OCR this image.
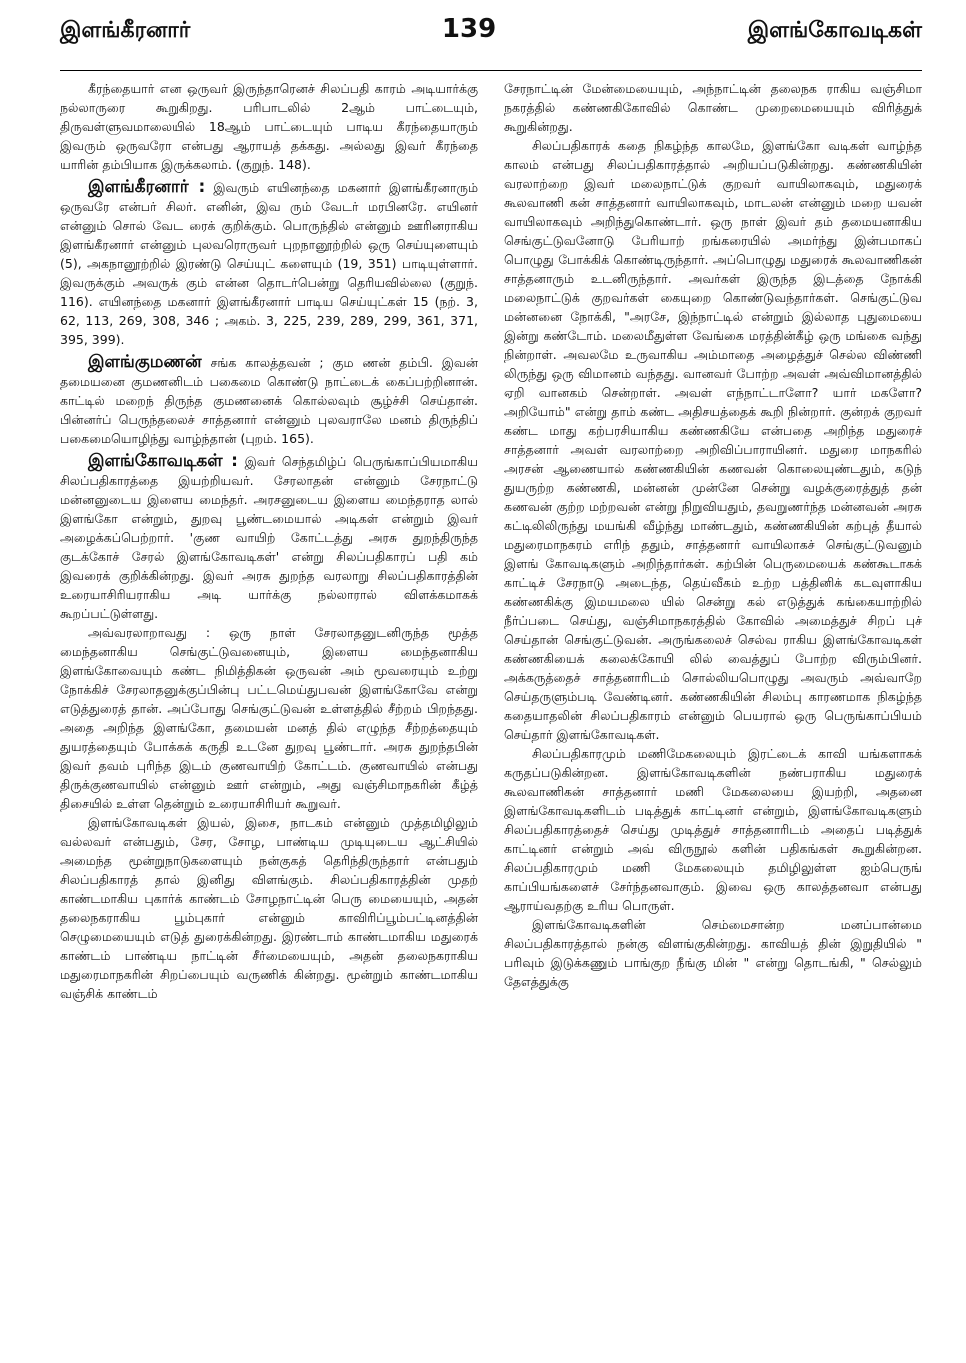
இளங்கீரனார்	139	இளங்கோவடிகள்

கீரந்தையார் என ஒருவர் இருந்தாரெனச் சிலப்பதி காரம் அடியார்க்கு நல்லாருரை கூறுகிறது. பரிபாடலில் 2ஆம் பாட்டையும், திருவள்ளுவமாலையில் 18ஆம் பாட்டையும் பாடிய கீரந்தையாரும் இவரும் ஒருவரோ என்பது ஆராயத் தக்கது. அல்லது இவர் கீரந்தை யாரின் தம்பியாக இருக்கலாம். (குறுந். 148).

இளங்கீரனார் : இவரும் எயினந்தை மகனார் இளங்கீரனாரும் ஒருவரே என்பர் சிலர். எனின், இவ ரும் வேடர் மரபினரே. எயினர் என்னும் சொல் வேட ரைக் குறிக்கும். பொருந்தில் என்னும் ஊரினராகிய இளங்கீரனார் என்னும் புலவரொருவர் புறநானூற்றில் ஒரு செய்யுளையும் (5), அகநானூற்றில் இரண்டு செய்யுட் களையும் (19, 351) பாடியுள்ளார். இவருக்கும் அவருக் கும் என்ன தொடர்பென்று தெரியவில்லை (குறுந். 116). எயினந்தை மகனார் இளங்கீரனார் பாடிய செய்யுட்கள் 15 (நற். 3, 62, 113, 269, 308, 346 ; அகம். 3, 225, 239, 289, 299, 361, 371, 395, 399).

இளங்குமணன் சங்க காலத்தவன் ; கும ணன் தம்பி. இவன் தமையனை குமணனிடம் பகைமை கொண்டு நாட்டைக் கைப்பற்றினான். காட்டில் மறைந் திருந்த குமணனைக் கொல்லவும் சூழ்ச்சி செய்தான். பின்னர்ப் பெருந்தலைச் சாத்தனார் என்னும் புலவராலே மனம் திருந்திப் பகைமையொழிந்து வாழ்ந்தான் (புறம். 165).

இளங்கோவடிகள் : இவர் செந்தமிழ்ப் பெருங்காப்பியமாகிய சிலப்பதிகாரத்தை இயற்றியவர். சேரலாதன் என்னும் சேரநாட்டு மன்னனுடைய இளைய மைந்தர். அரசனுடைய இளைய மைந்தராத லால் இளங்கோ என்றும், துறவு பூண்டமையால் அடிகள் என்றும் இவர் அழைக்கப்பெற்றார். 'குண வாயிற் கோட்டத்து அரசு துறந்திருந்த குடக்கோச் சேரல் இளங்கோவடிகள்' என்று சிலப்பதிகாரப் பதி கம் இவரைக் குறிக்கின்றது. இவர் அரசு துறந்த வரலாறு சிலப்பதிகாரத்தின் உரையாசிரியராகிய அடி யார்க்கு நல்லாரால் விளக்கமாகக் கூறப்பட்டுள்ளது.

அவ்வரலாறாவது : ஒரு நாள் சேரலாதனுடனிருந்த மூத்த மைந்தனாகிய செங்குட்டுவனையும், இளைய மைந்தனாகிய இளங்கோவையும் கண்ட நிமித்திகன் ஒருவன் அம் மூவரையும் உற்று நோக்கிச் சேரலாதனுக்குப்பின்பு பட்டமெய்துபவன் இளங்கோவே என்று எடுத்துரைத் தான். அப்போது செங்குட்டுவன் உள்ளத்தில் சீற்றம் பிறந்தது. அதை அறிந்த இளங்கோ, தமையன் மனத் தில் எழுந்த சீற்றத்தையும் துயரத்தையும் போக்கக் கருதி உடனே துறவு பூண்டார். அரசு துறந்தபின் இவர் தவம் புரிந்த இடம் குணவாயிற் கோட்டம். குணவாயில் என்பது திருக்குணவாயில் என்னும் ஊர் என்றும், அது வஞ்சிமாநகரின் கீழ்த் திசையில் உள்ள தென்றும் உரையாசிரியர் கூறுவர்.

இளங்கோவடிகள் இயல், இசை, நாடகம் என்னும் முத்தமிழிலும் வல்லவர் என்பதும், சேர, சோழ, பாண்டிய முடியுடைய ஆட்சியில் அமைந்த மூன்றுநாடுகளையும் நன்குகத் தெரிந்திருந்தார் என்பதும் சிலப்பதிகாரத் தால் இனிது விளங்கும். சிலப்பதிகாரத்தின் முதற் காண்டமாகிய புகார்க் காண்டம் சோழநாட்டின் பெரு மையையும், அதன் தலைநகராகிய பூம்புகார் என்னும் காவிரிப்பூம்பட்டினத்தின் செழுமையையும் எடுத் துரைக்கின்றது. இரண்டாம் காண்டமாகிய மதுரைக் காண்டம் பாண்டிய நாட்டின் சீர்மையையும், அதன் தலைநகராகிய மதுரைமாநகரின் சிறப்பையும் வருணிக் கின்றது. மூன்றும் காண்டமாகிய வஞ்சிக் காண்டம்

சேரநாட்டின் மேன்மையையும், அந்நாட்டின் தலைநக ராகிய வஞ்சிமா நகரத்தில் கண்ணகிகோவில் கொண்ட முறைமையையும் விரித்துக் கூறுகின்றது.

சிலப்பதிகாரக் கதை நிகழ்ந்த காலமே, இளங்கோ வடிகள் வாழ்ந்த காலம் என்பது சிலப்பதிகாரத்தால் அறியப்படுகின்றது. கண்ணகியின் வரலாற்றை இவர் மலைநாட்டுக் குறவர் வாயிலாகவும், மதுரைக் கூலவாணி கன் சாத்தனார் வாயிலாகவும், மாடலன் என்னும் மறை யவன் வாயிலாகவும் அறிந்துகொண்டார். ஒரு நாள் இவர் தம் தமையனாகிய செங்குட்டுவனோடு பேரியாற் றங்கரையில் அமர்ந்து இன்பமாகப் பொழுது போக்கிக் கொண்டிருந்தார். அப்பொழுது மதுரைக் கூலவாணிகன் சாத்தனாரும் உடனிருந்தார். அவர்கள் இருந்த இடத்தை நோக்கி மலைநாட்டுக் குறவர்கள் கையுறை கொண்டுவந்தார்கள். செங்குட்டுவ மன்னனை நோக்கி, "அரசே, இந்நாட்டில் என்றும் இல்லாத புதுமையை இன்று கண்டோம். மலைமீதுள்ள வேங்கை மரத்தின்கீழ் ஒரு மங்கை வந்து நின்றாள். அவலமே உருவாகிய அம்மாதை அழைத்துச் செல்ல விண்ணி லிருந்து ஒரு விமானம் வந்தது. வானவர் போற்ற அவள் அவ்விமானத்தில் ஏறி வானகம் சென்றாள். அவள் எந்நாட்டாளோ? யார் மகளோ? அறியோம்" என்று தாம் கண்ட அதிசயத்தைக் கூறி நின்றார். குன்றக் குறவர் கண்ட மாது கற்பரசியாகிய கண்ணகியே என்பதை அறிந்த மதுரைச் சாத்தனார் அவள் வரலாற்றை அறிவிப்பாராயினர். மதுரை மாநகரில் அரசன் ஆணையால் கண்ணகியின் கணவன் கொலையுண்டதும், கடுந் துயருற்ற கண்ணகி, மன்னன் முன்னே சென்று வழக்குரைத்துத் தன் கணவன் குற்ற மற்றவன் என்று நிறுவியதும், தவறுணர்ந்த மன்னவன் அரசு கட்டிலிலிருந்து மயங்கி வீழ்ந்து மாண்டதும், கண்ணகியின் கற்புத் தீயால் மதுரைமாநகரம் எரிந் ததும், சாத்தனார் வாயிலாகச் செங்குட்டுவனும் இளங் கோவடிகளும் அறிந்தார்கள். கற்பின் பெருமையைக் கண்கூடாகக் காட்டிச் சேரநாடு அடைந்த, தெய்வீகம் உற்ற பத்தினிக் கடவுளாகிய கண்ணகிக்கு இமயமலை யில் சென்று கல் எடுத்துக் கங்கையாற்றில் நீர்ப்படை செய்து, வஞ்சிமாநகரத்தில் கோவில் அமைத்துச் சிறப் புச் செய்தான் செங்குட்டுவன். அருங்கலைச் செல்வ ராகிய இளங்கோவடிகள் கண்ணகியைக் கலைக்கோயி லில் வைத்துப் போற்ற விரும்பினர். அக்கருத்தைச் சாத்தனாரிடம் சொல்லியபொழுது அவரும் அவ்வாறே செய்தருளும்படி வேண்டினர். கண்ணகியின் சிலம்பு காரணமாக நிகழ்ந்த கதையாதலின் சிலப்பதிகாரம் என்னும் பெயரால் ஒரு பெருங்காப்பியம் செய்தார் இளங்கோவடிகள்.

சிலப்பதிகாரமும் மணிமேகலையும் இரட்டைக் காவி யங்களாகக் கருதப்படுகின்றன. இளங்கோவடிகளின் நண்பராகிய மதுரைக் கூலவாணிகன் சாத்தனார் மணி மேகலையை இயற்றி, அதனை இளங்கோவடிகளிடம் படித்துக் காட்டினர் என்றும், இளங்கோவடிகளும் சிலப்பதிகாரத்தைச் செய்து முடித்துச் சாத்தனாரிடம் அதைப் படித்துக் காட்டினர் என்றும் அவ் விருநூல் களின் பதிகங்கள் கூறுகின்றன. சிலப்பதிகாரமும் மணி மேகலையும் தமிழிலுள்ள ஐம்பெருங் காப்பியங்களைச் சேர்ந்தனவாகும். இவை ஒரு காலத்தனவா என்பது ஆராய்வதற்கு உரிய பொருள்.

இளங்கோவடிகளின் செம்மைசான்ற மனப்பான்மை சிலப்பதிகாரத்தால் நன்கு விளங்குகின்றது. காவியத் தின் இறுதியில் " பரிவும் இடுக்கணும் பாங்குற நீங்கு மின் " என்று தொடங்கி, " செல்லும் தேஎத்துக்கு
